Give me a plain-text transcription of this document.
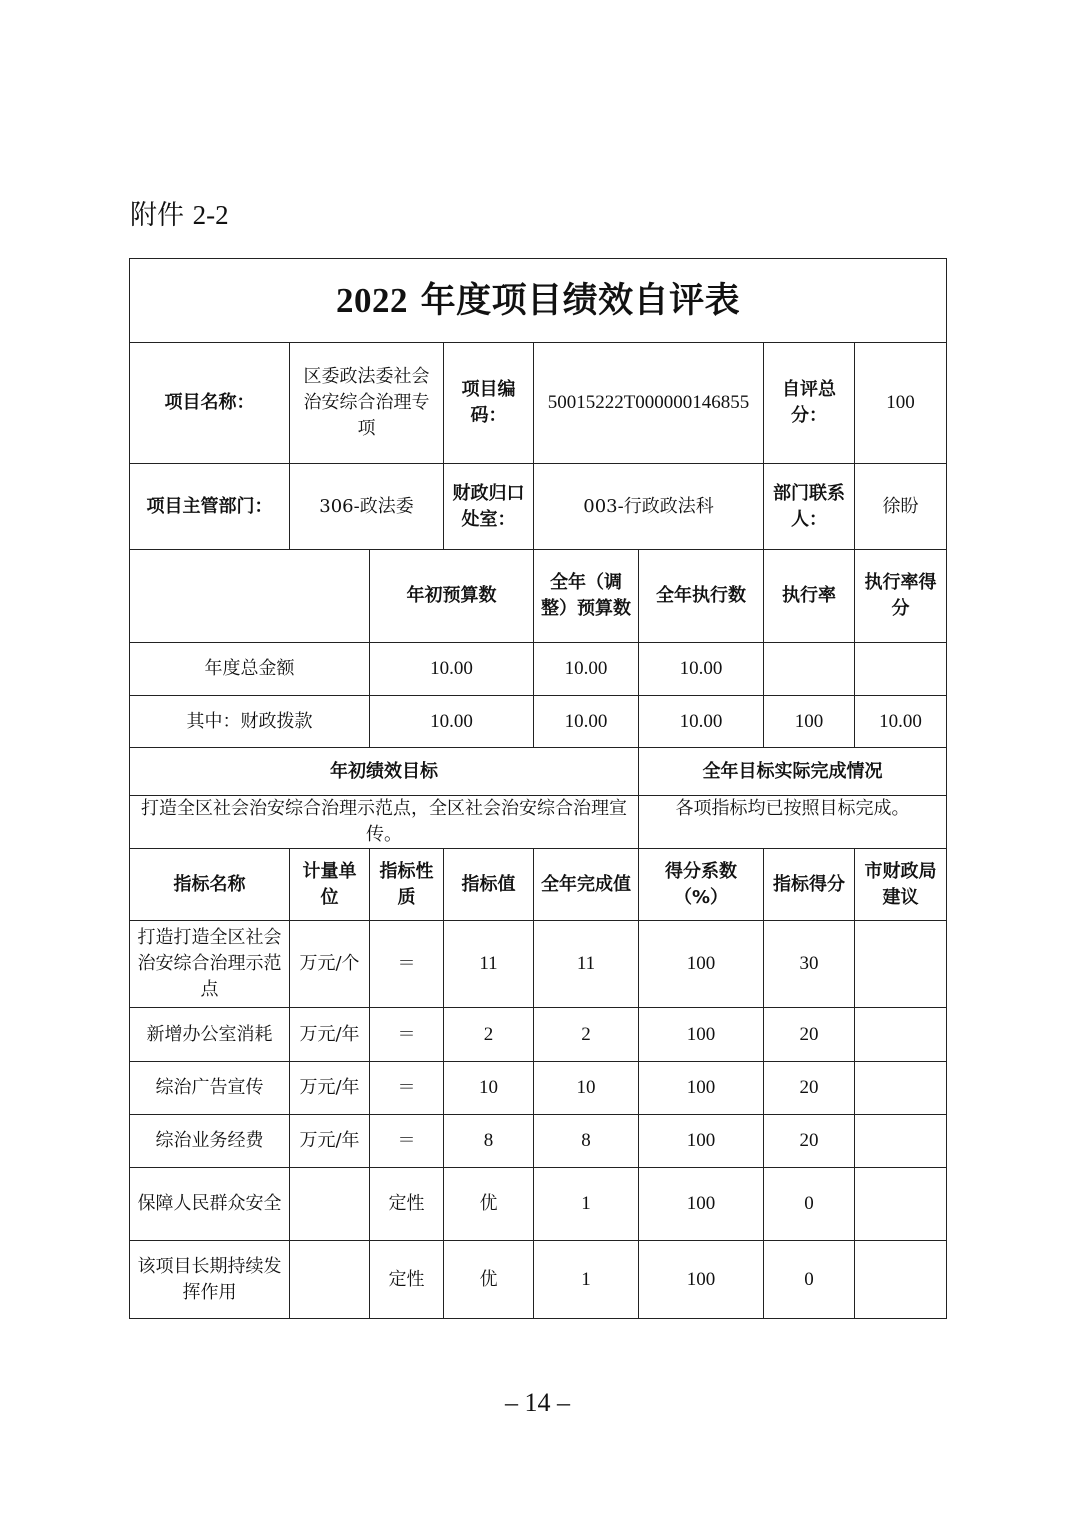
附件 2-2
2022 年度项目绩效自评表							
项目名称：	区委政法委社会治安综合治理专项		项目编码：	50015222T000000146855		自评总分：	100
项目主管部门：	306-政法委		财政归口处室：	003-行政政法科		部门联系人：	徐盼
		年初预算数		全年（调整）预算数	全年执行数	执行率	执行率得分
年度总金额		10.00		10.00	10.00		
其中：财政拨款		10.00		10.00	10.00	100	10.00
年初绩效目标					全年目标实际完成情况		
打造全区社会治安综合治理示范点，全区社会治安综合治理宣传。					各项指标均已按照目标完成。		
指标名称	计量单位	指标性质	指标值	全年完成值	得分系数（%）	指标得分	市财政局建议
打造打造全区社会治安综合治理示范点	万元/个	＝	11	11	100	30	
新增办公室消耗	万元/年	＝	2	2	100	20	
综治广告宣传	万元/年	＝	10	10	100	20	
综治业务经费	万元/年	＝	8	8	100	20	
保障人民群众安全		定性	优	1	100	0	
该项目长期持续发挥作用		定性	优	1	100	0	
– 14 –
